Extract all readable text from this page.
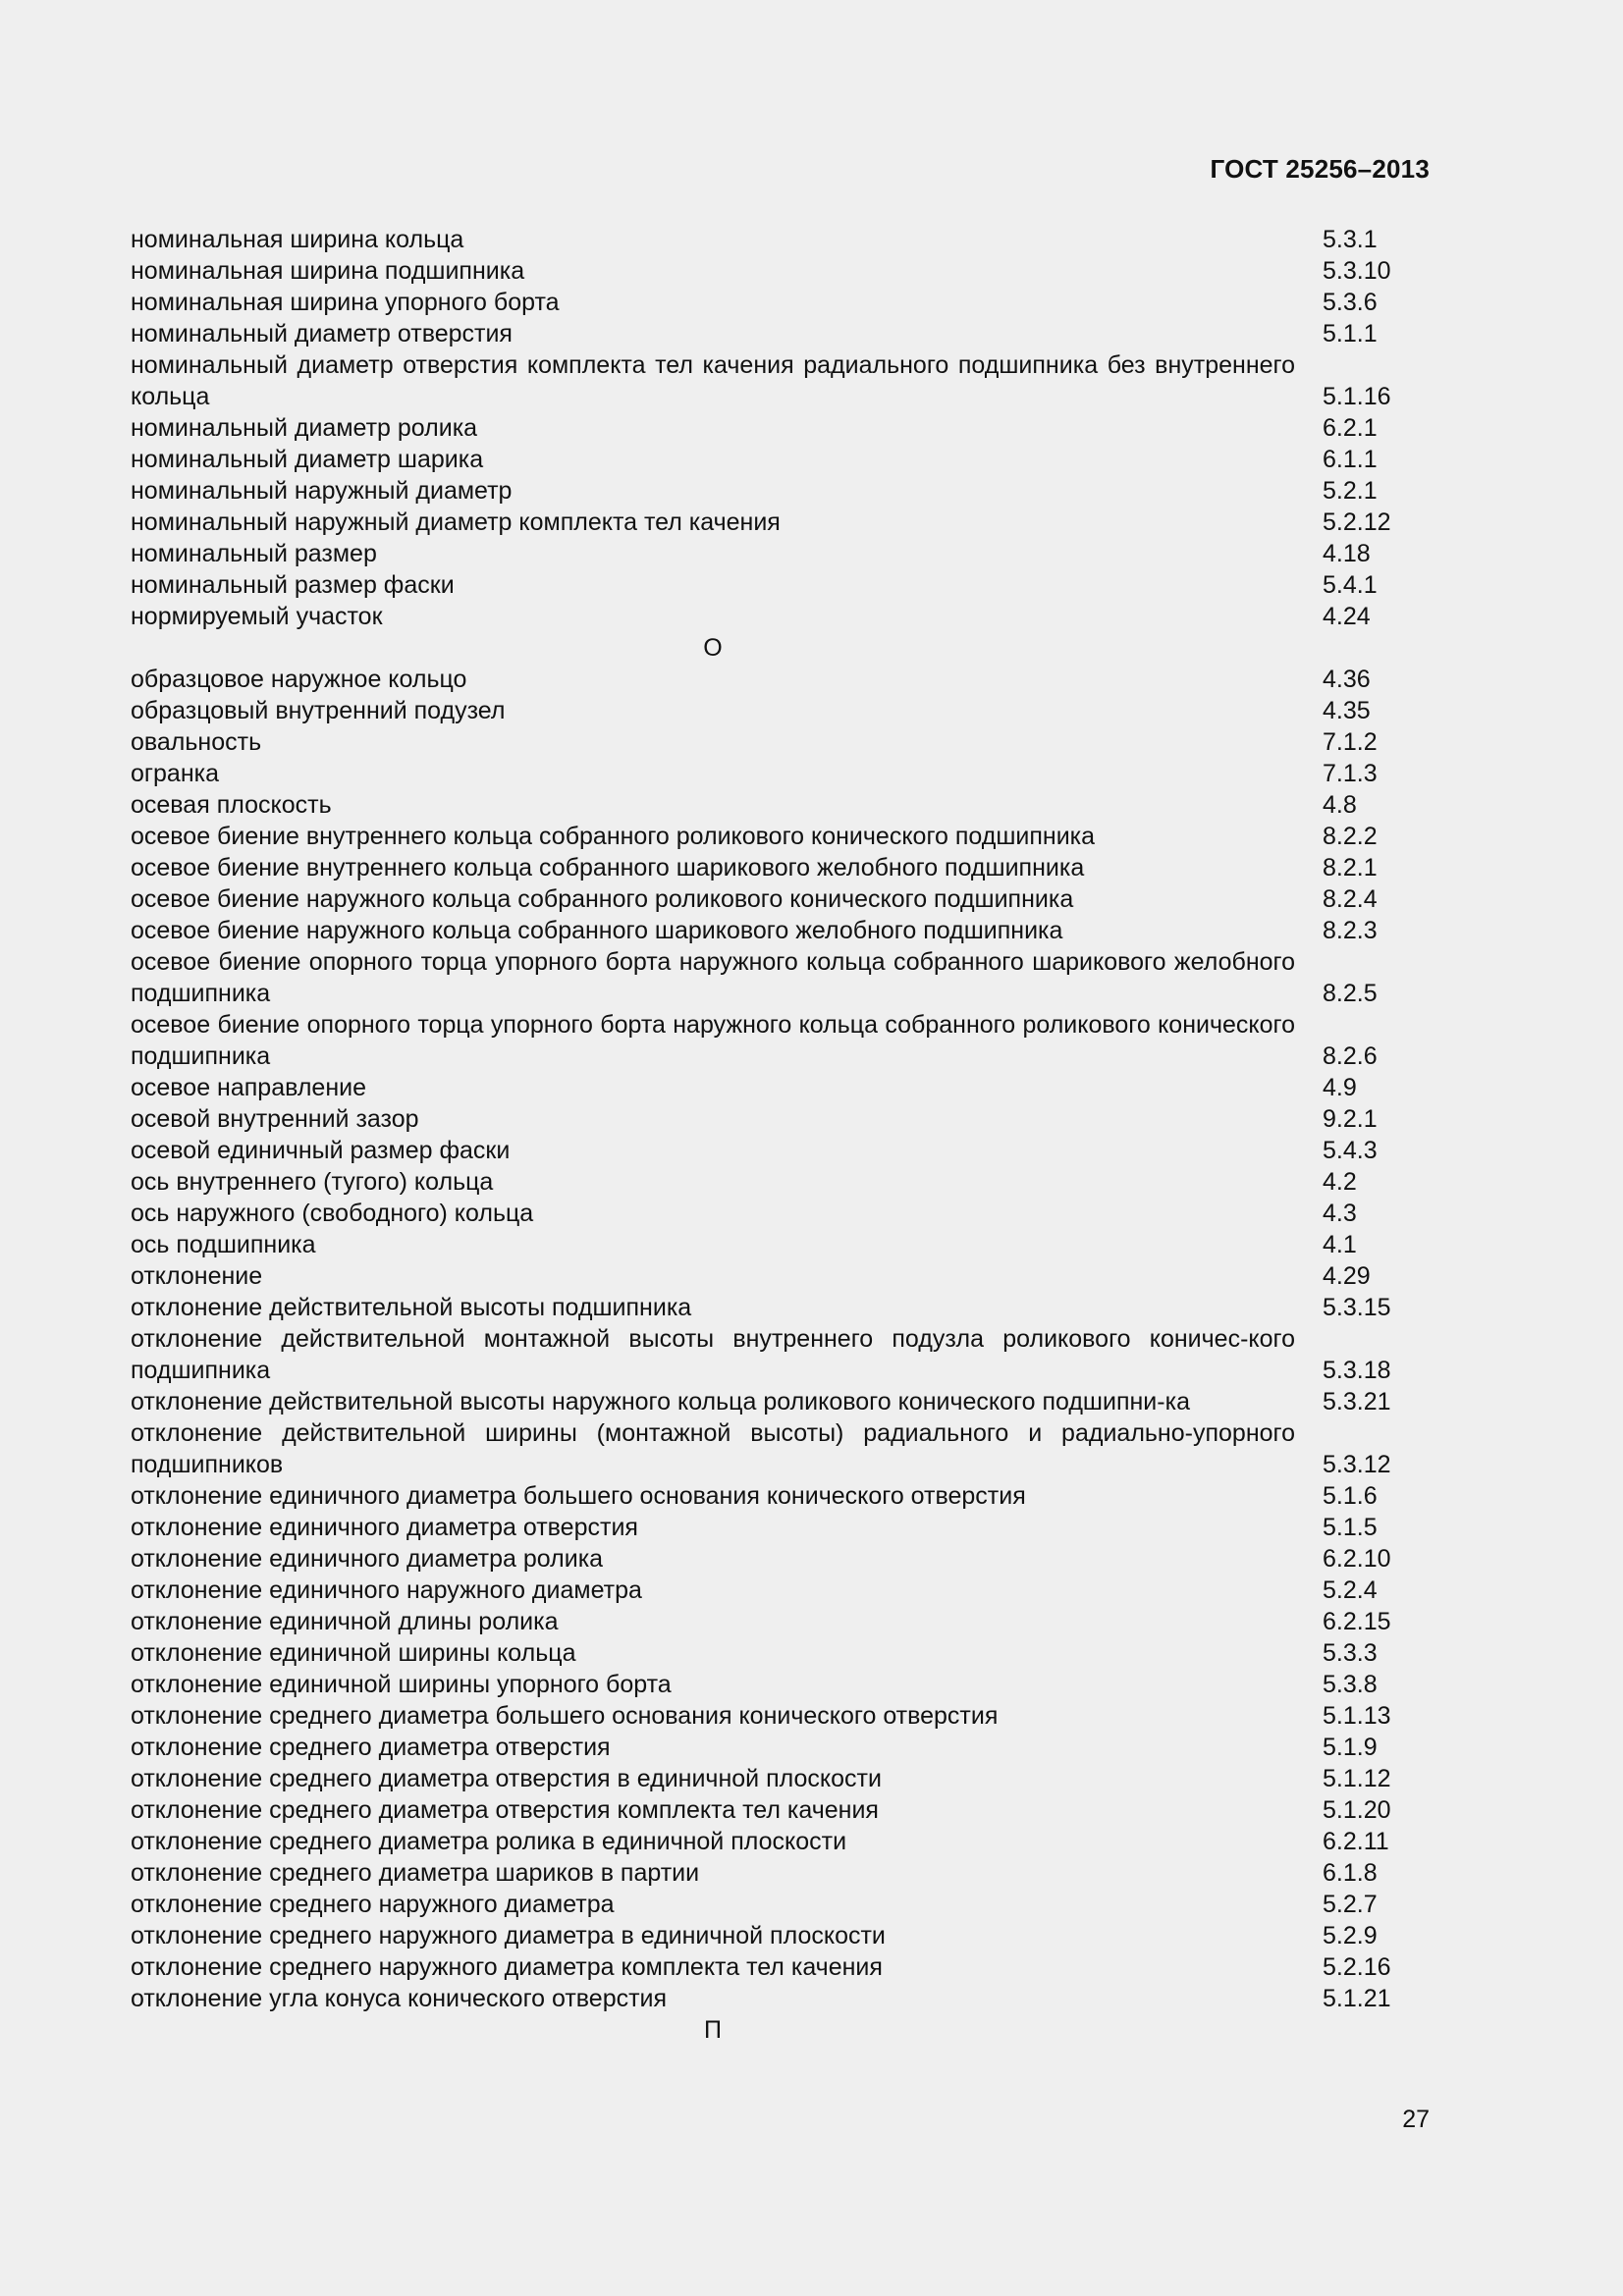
ГОСТ 25256–2013
номинальная ширина кольца	5.3.1
номинальная ширина подшипника	5.3.10
номинальная ширина упорного борта	5.3.6
номинальный диаметр отверстия	5.1.1
номинальный диаметр отверстия комплекта тел качения радиального подшипника без внутреннего кольца	5.1.16
номинальный диаметр ролика	6.2.1
номинальный диаметр шарика	6.1.1
номинальный наружный диаметр	5.2.1
номинальный наружный диаметр комплекта тел качения	5.2.12
номинальный размер	4.18
номинальный размер фаски	5.4.1
нормируемый участок	4.24
О
образцовое наружное кольцо	4.36
образцовый внутренний подузел	4.35
овальность	7.1.2
огранка	7.1.3
осевая плоскость	4.8
осевое биение внутреннего кольца собранного роликового конического подшипника	8.2.2
осевое биение внутреннего кольца собранного шарикового желобного подшипника	8.2.1
осевое биение наружного кольца собранного роликового конического подшипника	8.2.4
осевое биение наружного кольца собранного шарикового желобного подшипника	8.2.3
осевое биение опорного торца упорного борта наружного кольца собранного шарикового желобного подшипника	8.2.5
осевое биение опорного торца упорного борта наружного кольца собранного роликового конического подшипника	8.2.6
осевое направление	4.9
осевой внутренний зазор	9.2.1
осевой единичный размер фаски	5.4.3
ось внутреннего (тугого) кольца	4.2
ось наружного (свободного) кольца	4.3
ось подшипника	4.1
отклонение	4.29
отклонение действительной высоты подшипника	5.3.15
отклонение действительной монтажной высоты внутреннего подузла роликового коничес-кого подшипника	5.3.18
отклонение действительной высоты наружного кольца роликового конического подшипни-ка	5.3.21
отклонение действительной ширины (монтажной высоты) радиального и радиально-упорного подшипников	5.3.12
отклонение единичного диаметра большего основания конического отверстия	5.1.6
отклонение единичного диаметра отверстия	5.1.5
отклонение единичного диаметра ролика	6.2.10
отклонение единичного наружного диаметра	5.2.4
отклонение единичной длины ролика	6.2.15
отклонение единичной ширины кольца	5.3.3
отклонение единичной ширины упорного борта	5.3.8
отклонение среднего диаметра большего основания конического отверстия	5.1.13
отклонение среднего диаметра отверстия	5.1.9
отклонение среднего диаметра отверстия в единичной плоскости	5.1.12
отклонение среднего диаметра отверстия комплекта тел качения	5.1.20
отклонение среднего диаметра ролика в единичной плоскости	6.2.11
отклонение среднего диаметра шариков в партии	6.1.8
отклонение среднего наружного диаметра	5.2.7
отклонение среднего наружного диаметра в единичной плоскости	5.2.9
отклонение среднего наружного диаметра комплекта тел качения	5.2.16
отклонение угла конуса конического отверстия	5.1.21
П
27
